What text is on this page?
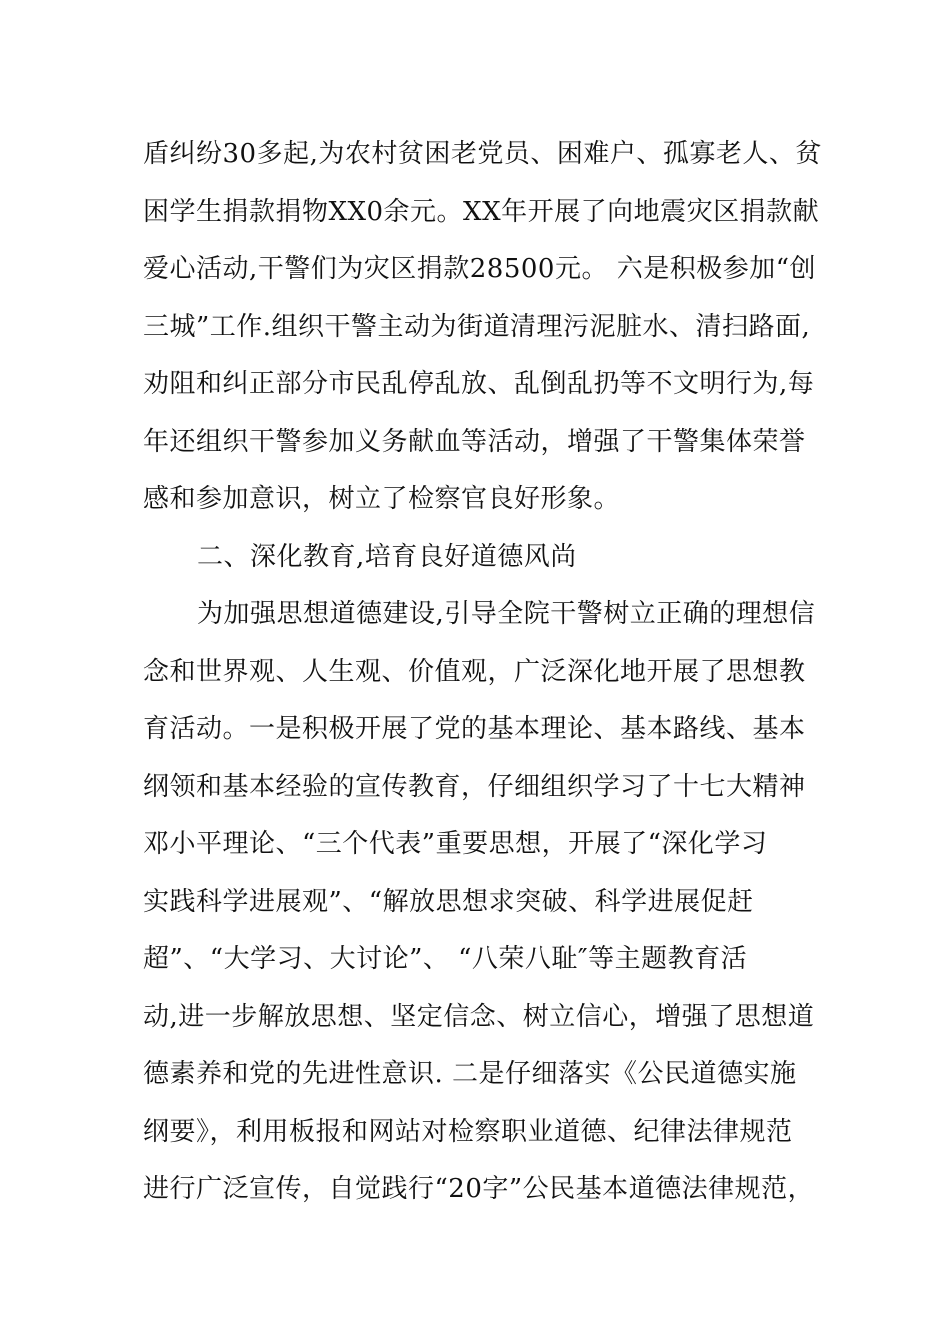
盾纠纷30多起,为农村贫困老党员、困难户、孤寡老人、贫
困学生捐款捐物XX0余元。XX年开展了向地震灾区捐款献
爱心活动,干警们为灾区捐款28500元。 六是积极参加“创
三城”工作.组织干警主动为街道清理污泥脏水、清扫路面,
劝阻和纠正部分市民乱停乱放、乱倒乱扔等不文明行为,每
年还组织干警参加义务献血等活动，增强了干警集体荣誉
感和参加意识，树立了检察官良好形象。
二、深化教育,培育良好道德风尚
为加强思想道德建设,引导全院干警树立正确的理想信
念和世界观、人生观、价值观，广泛深化地开展了思想教
育活动。一是积极开展了党的基本理论、基本路线、基本
纲领和基本经验的宣传教育，仔细组织学习了十七大精神
邓小平理论、“三个代表”重要思想，开展了“深化学习
实践科学进展观”、“解放思想求突破、科学进展促赶
超”、“大学习、大讨论”、 “八荣八耻″等主题教育活
动,进一步解放思想、坚定信念、树立信心，增强了思想道
德素养和党的先进性意识. 二是仔细落实《公民道德实施
纲要》，利用板报和网站对检察职业道德、纪律法律规范
进行广泛宣传，自觉践行“20字”公民基本道德法律规范，
